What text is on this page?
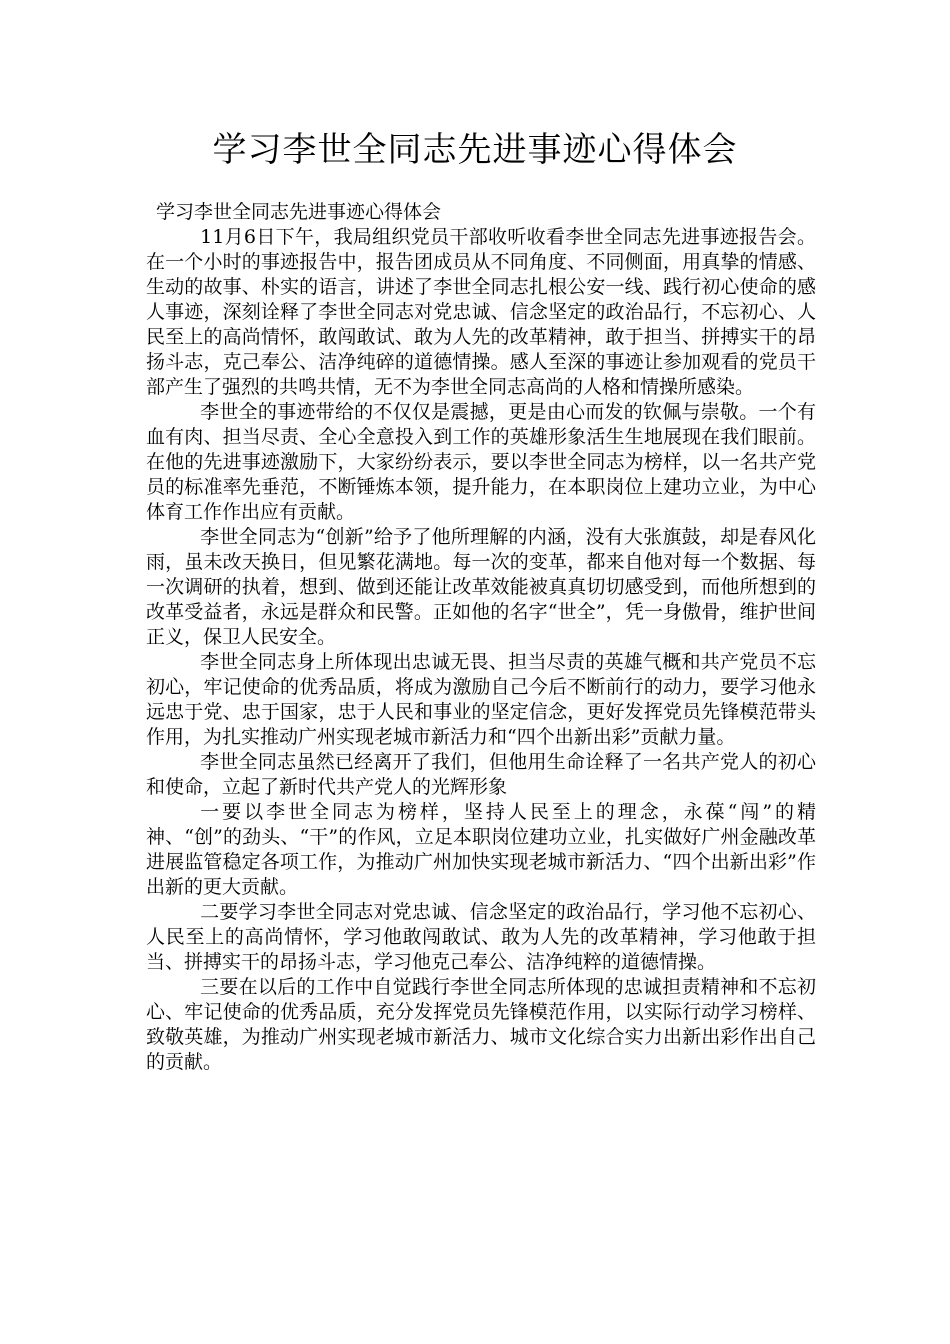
学习李世全同志先进事迹心得体会

学习李世全同志先进事迹心得体会

11月6日下午，我局组织党员干部收听收看李世全同志先进事迹报告会。在一个小时的事迹报告中，报告团成员从不同角度、不同侧面，用真挚的情感、生动的故事、朴实的语言，讲述了李世全同志扎根公安一线、践行初心使命的感人事迹，深刻诠释了李世全同志对党忠诚、信念坚定的政治品行，不忘初心、人民至上的高尚情怀，敢闯敢试、敢为人先的改革精神，敢于担当、拼搏实干的昂扬斗志，克己奉公、洁净纯碎的道德情操。感人至深的事迹让参加观看的党员干部产生了强烈的共鸣共情，无不为李世全同志高尚的人格和情操所感染。

李世全的事迹带给的不仅仅是震撼，更是由心而发的钦佩与崇敬。一个有血有肉、担当尽责、全心全意投入到工作的英雄形象活生生地展现在我们眼前。在他的先进事迹激励下，大家纷纷表示，要以李世全同志为榜样，以一名共产党员的标准率先垂范，不断锤炼本领，提升能力，在本职岗位上建功立业，为中心体育工作作出应有贡献。

李世全同志为“创新”给予了他所理解的内涵，没有大张旗鼓，却是春风化雨，虽未改天换日，但见繁花满地。每一次的变革，都来自他对每一个数据、每一次调研的执着，想到、做到还能让改革效能被真真切切感受到，而他所想到的改革受益者，永远是群众和民警。正如他的名字“世全”，凭一身傲骨，维护世间正义，保卫人民安全。

李世全同志身上所体现出忠诚无畏、担当尽责的英雄气概和共产党员不忘初心，牢记使命的优秀品质，将成为激励自己今后不断前行的动力，要学习他永远忠于党、忠于国家，忠于人民和事业的坚定信念，更好发挥党员先锋模范带头作用，为扎实推动广州实现老城市新活力和“四个出新出彩”贡献力量。

李世全同志虽然已经离开了我们，但他用生命诠释了一名共产党人的初心和使命，立起了新时代共产党人的光辉形象

一要以李世全同志为榜样，坚持人民至上的理念，永葆“闯”的精神、“创”的劲头、“干”的作风，立足本职岗位建功立业，扎实做好广州金融改革进展监管稳定各项工作，为推动广州加快实现老城市新活力、“四个出新出彩”作出新的更大贡献。

二要学习李世全同志对党忠诚、信念坚定的政治品行，学习他不忘初心、人民至上的高尚情怀，学习他敢闯敢试、敢为人先的改革精神，学习他敢于担当、拼搏实干的昂扬斗志，学习他克己奉公、洁净纯粹的道德情操。

三要在以后的工作中自觉践行李世全同志所体现的忠诚担责精神和不忘初心、牢记使命的优秀品质，充分发挥党员先锋模范作用，以实际行动学习榜样、致敬英雄，为推动广州实现老城市新活力、城市文化综合实力出新出彩作出自己的贡献。
